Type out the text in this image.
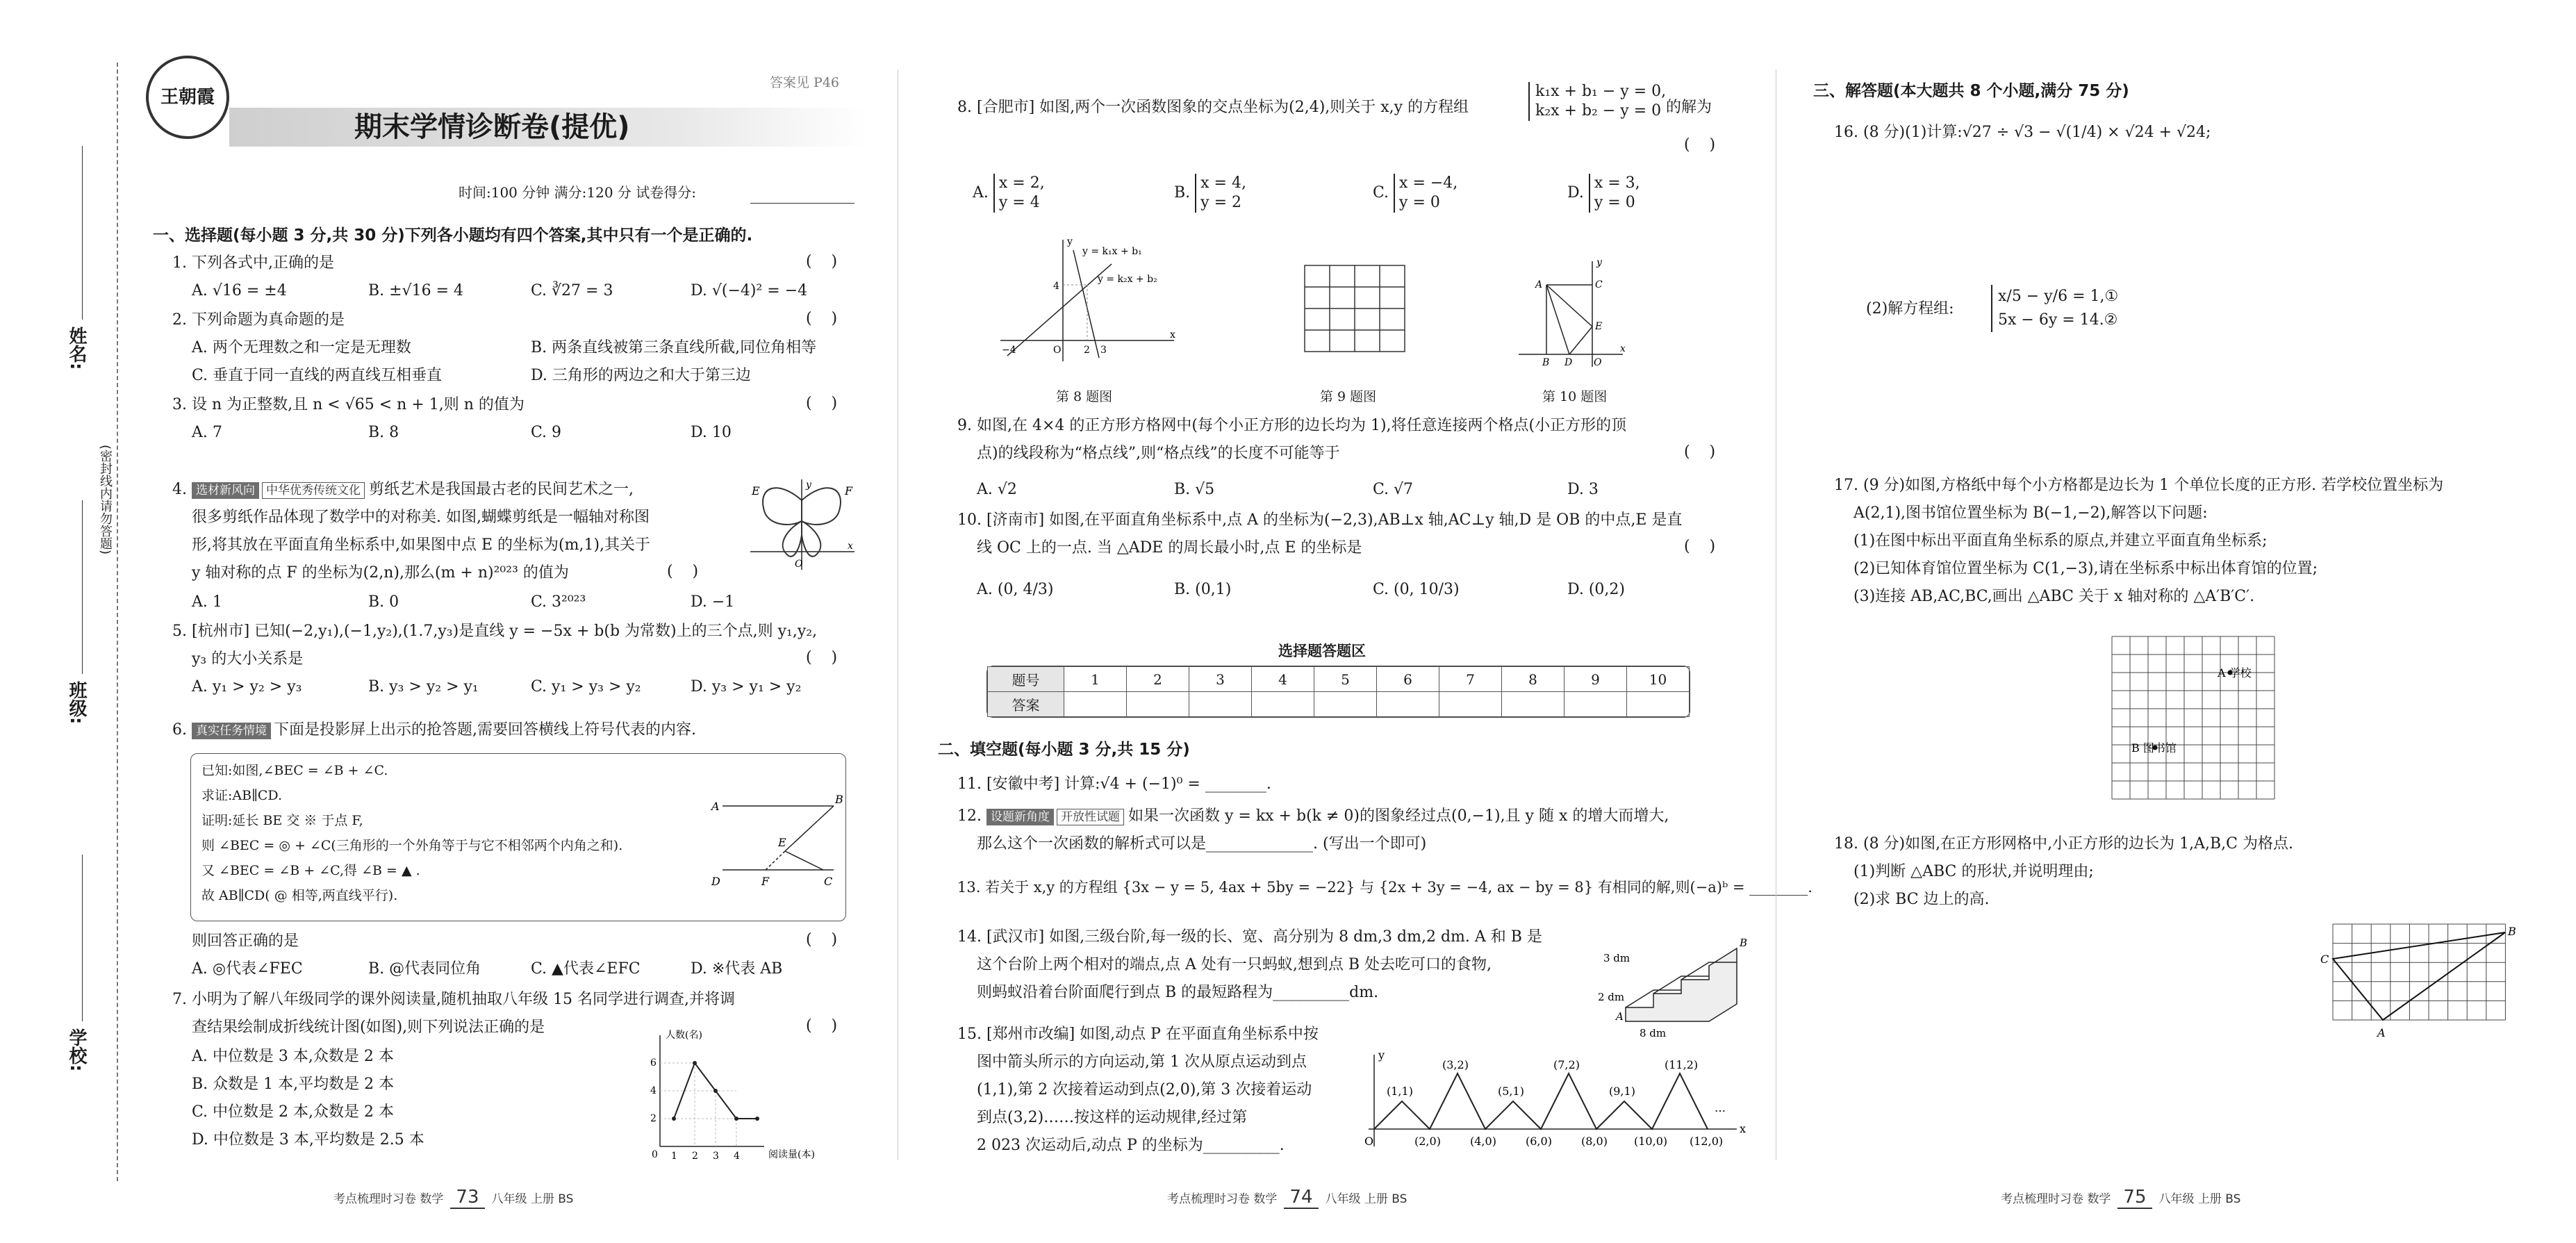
姓名:
班级:
学校:
(密封线内请勿答题)
王朝霞
期末学情诊断卷(提优)
答案见 P46
时间:100 分钟 满分:120 分 试卷得分:
一、选择题(每小题 3 分,共 30 分)下列各小题均有四个答案,其中只有一个是正确的.
1. 下列各式中,正确的是	(    )
A. √16 = ±4	B. ±√16 = 4	C. ∛27 = 3	D. √(−4)² = −4
2. 下列命题为真命题的是	(    )
A. 两个无理数之和一定是无理数	B. 两条直线被第三条直线所截,同位角相等
C. 垂直于同一直线的两直线互相垂直	D. 三角形的两边之和大于第三边
3. 设 n 为正整数,且 n < √65 < n + 1,则 n 的值为	(    )
A. 7	B. 8	C. 9	D. 10
4. 选材新风向 中华优秀传统文化 剪纸艺术是我国最古老的民间艺术之一,
很多剪纸作品体现了数学中的对称美. 如图,蝴蝶剪纸是一幅轴对称图
形,将其放在平面直角坐标系中,如果图中点 E 的坐标为(m,1),其关于
y 轴对称的点 F 的坐标为(2,n),那么(m + n)²⁰²³ 的值为	(    )
E	F
O
x
y
A. 1	B. 0	C. 3²⁰²³	D. −1
5. [杭州市] 已知(−2,y₁),(−1,y₂),(1.7,y₃)是直线 y = −5x + b(b 为常数)上的三个点,则 y₁,y₂,
y₃ 的大小关系是	(    )
A. y₁ > y₂ > y₃	B. y₃ > y₂ > y₁	C. y₁ > y₃ > y₂	D. y₃ > y₁ > y₂
6. 真实任务情境 下面是投影屏上出示的抢答题,需要回答横线上符号代表的内容.
已知:如图,∠BEC = ∠B + ∠C.
求证:AB∥CD.
证明:延长 BE 交 ※ 于点 F,
则 ∠BEC = ◎ + ∠C(三角形的一个外角等于与它不相邻两个内角之和).
又 ∠BEC = ∠B + ∠C,得 ∠B = ▲ .
故 AB∥CD( @ 相等,两直线平行).
A
B
E
D	F	C
则回答正确的是	(    )
A. ◎代表∠FEC	B. @代表同位角	C. ▲代表∠EFC	D. ※代表 AB
7. 小明为了解八年级同学的课外阅读量,随机抽取八年级 15 名同学进行调查,并将调
查结果绘制成折线统计图(如图),则下列说法正确的是	(    )
A. 中位数是 3 本,众数是 2 本
B. 众数是 1 本,平均数是 2 本
C. 中位数是 2 本,众数是 2 本
D. 中位数是 3 本,平均数是 2.5 本
6
4
2
0 1 2 3 4
人数(名)
阅读量(本)
考点梳理时习卷 数学 73 八年级 上册 BS
8. [合肥市] 如图,两个一次函数图象的交点坐标为(2,4),则关于 x,y 的方程组
k₁x + b₁ − y = 0,
k₂x + b₂ − y = 0 的解为
(    )
A.
x = 2,
y = 4
B.
x = 4,
y = 2
C.
x = −4,
y = 0
D.
x = 3,
y = 0
y = k₁x + b₁
y = k₂x + b₂
−4	O 2 3
4
x
y
A	C
E
B D O
x
y
第 8 题图	第 9 题图	第 10 题图
9. 如图,在 4×4 的正方形方格网中(每个小正方形的边长均为 1),将任意连接两个格点(小正方形的顶
点)的线段称为“格点线”,则“格点线”的长度不可能等于	(    )
A. √2	B. √5	C. √7	D. 3
10. [济南市] 如图,在平面直角坐标系中,点 A 的坐标为(−2,3),AB⊥x 轴,AC⊥y 轴,D 是 OB 的中点,E 是直
线 OC 上的一点. 当 △ADE 的周长最小时,点 E 的坐标是	(    )
A. (0, 4/3)	B. (0,1)	C. (0, 10/3)	D. (0,2)
选择题答题区
题号	1	2	3	4	5	6	7	8	9	10
答案										
二、填空题(每小题 3 分,共 15 分)
11. [安徽中考] 计算:√4 + (−1)⁰ = ________.
12. 设题新角度 开放性试题 如果一次函数 y = kx + b(k ≠ 0)的图象经过点(0,−1),且 y 随 x 的增大而增大,
那么这个一次函数的解析式可以是______________. (写出一个即可)
13. 若关于 x,y 的方程组 {3x − y = 5, 4ax + 5by = −22} 与 {2x + 3y = −4, ax − by = 8} 有相同的解,则(−a)ᵇ = ________.
14. [武汉市] 如图,三级台阶,每一级的长、宽、高分别为 8 dm,3 dm,2 dm. A 和 B 是
这个台阶上两个相对的端点,点 A 处有一只蚂蚁,想到点 B 处去吃可口的食物,
则蚂蚁沿着台阶面爬行到点 B 的最短路程为__________dm.
3 dm
2 dm
8 dm
A
B
15. [郑州市改编] 如图,动点 P 在平面直角坐标系中按
图中箭头所示的方向运动,第 1 次从原点运动到点
(1,1),第 2 次接着运动到点(2,0),第 3 次接着运动
到点(3,2)……按这样的运动规律,经过第
2 023 次运动后,动点 P 的坐标为__________.
(1,1)
(3,2)
(5,1)
(7,2)
(9,1)
(11,2)
(2,0)	(4,0)	(6,0)	(8,0) (10,0) (12,0)
O
x
y
…
考点梳理时习卷 数学 74 八年级 上册 BS
三、解答题(本大题共 8 个小题,满分 75 分)
16. (8 分)(1)计算:√27 ÷ √3 − √(1/4) × √24 + √24;
(2)解方程组:
x/5 − y/6 = 1,①
5x − 6y = 14.②
17. (9 分)如图,方格纸中每个小方格都是边长为 1 个单位长度的正方形. 若学校位置坐标为
A(2,1),图书馆位置坐标为 B(−1,−2),解答以下问题:
(1)在图中标出平面直角坐标系的原点,并建立平面直角坐标系;
(2)已知体育馆位置坐标为 C(1,−3),请在坐标系中标出体育馆的位置;
(3)连接 AB,AC,BC,画出 △ABC 关于 x 轴对称的 △A′B′C′.
A 学校
B 图书馆
18. (8 分)如图,在正方形网格中,小正方形的边长为 1,A,B,C 为格点.
(1)判断 △ABC 的形状,并说明理由;
(2)求 BC 边上的高.
C
B
A
考点梳理时习卷 数学 75 八年级 上册 BS
